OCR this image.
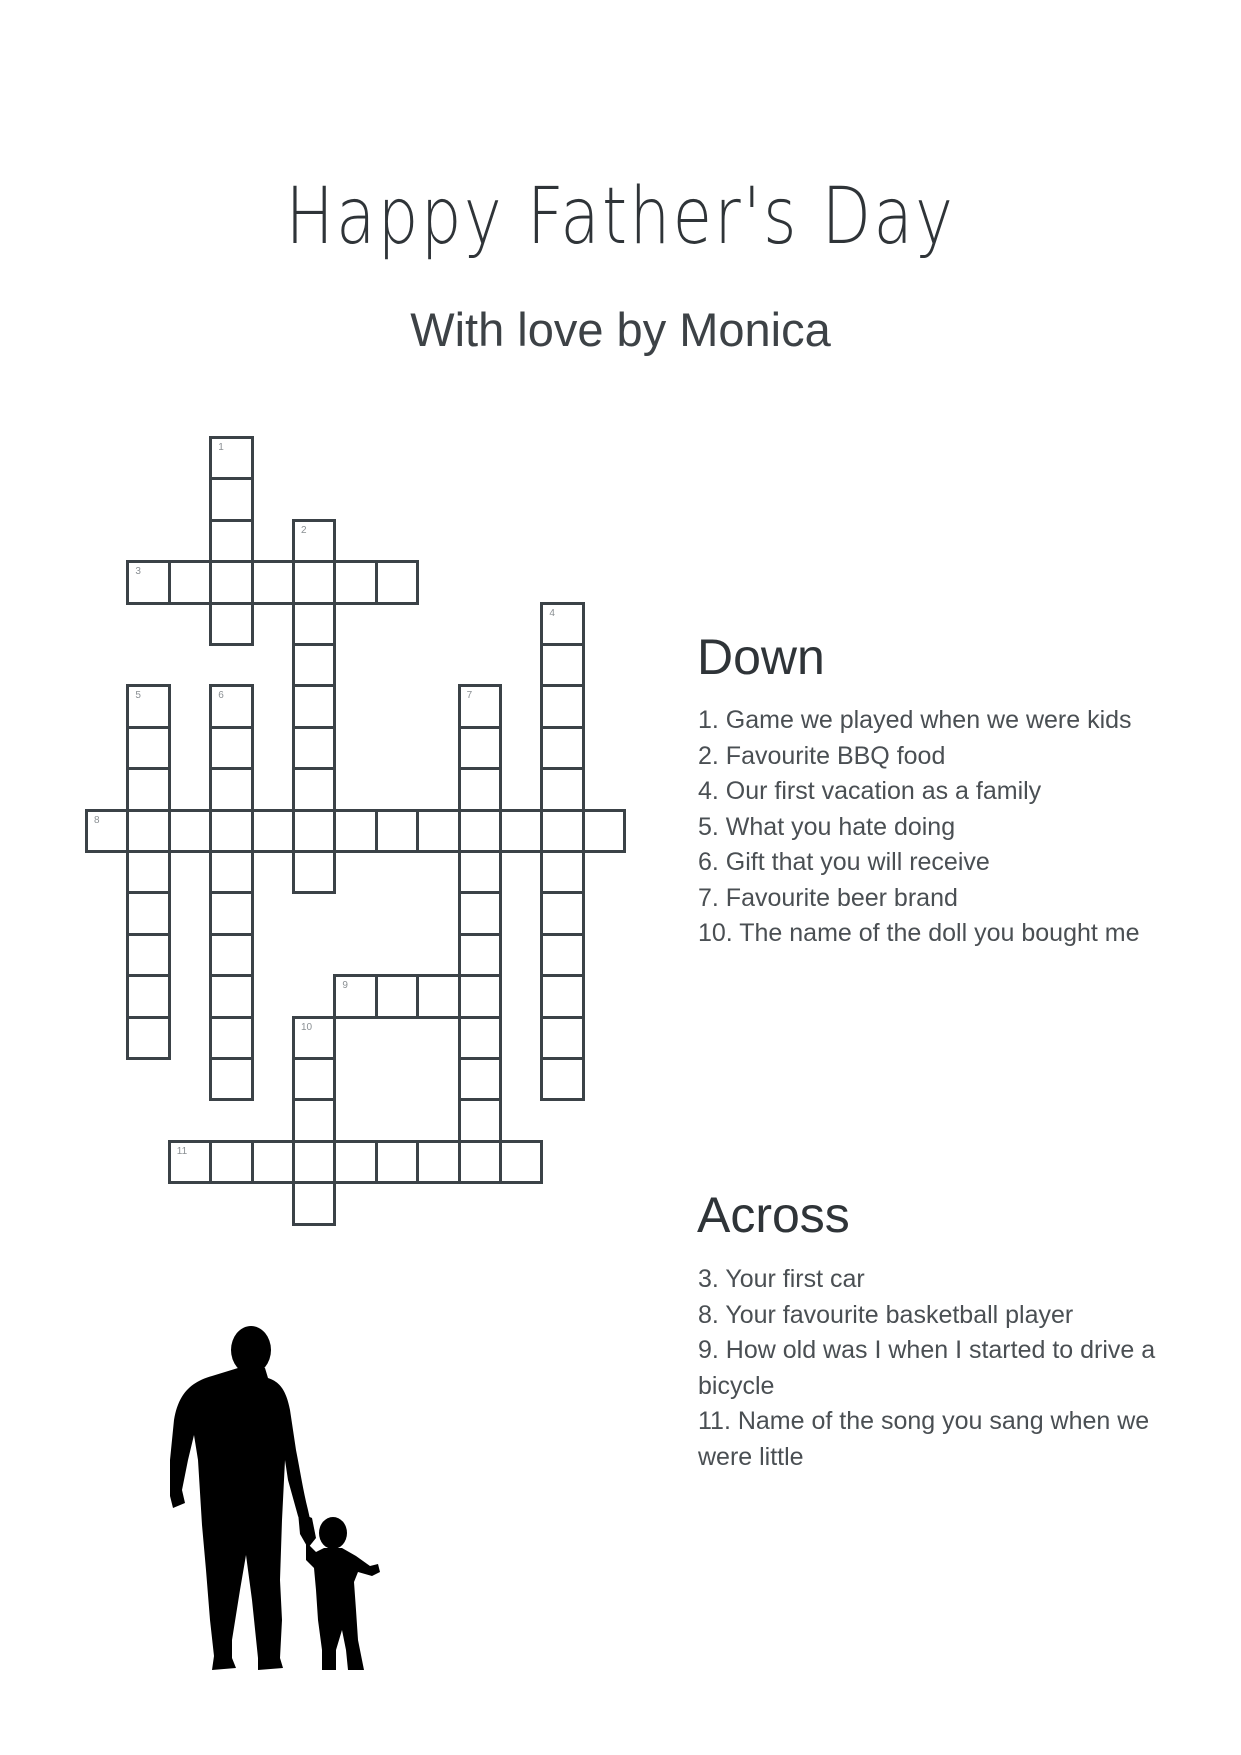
Happy Father's Day
With love by Monica
1
2
3
4
5	6	7
8
9
10
11
Down
1. Game we played when we were kids
2. Favourite BBQ food
4. Our first vacation as a family
5. What you hate doing
6. Gift that you will receive
7. Favourite beer brand
10. The name of the doll you bought me
Across
3. Your first car
8. Your favourite basketball player
9. How old was I when I started to drive a bicycle
11. Name of the song you sang when we were little
